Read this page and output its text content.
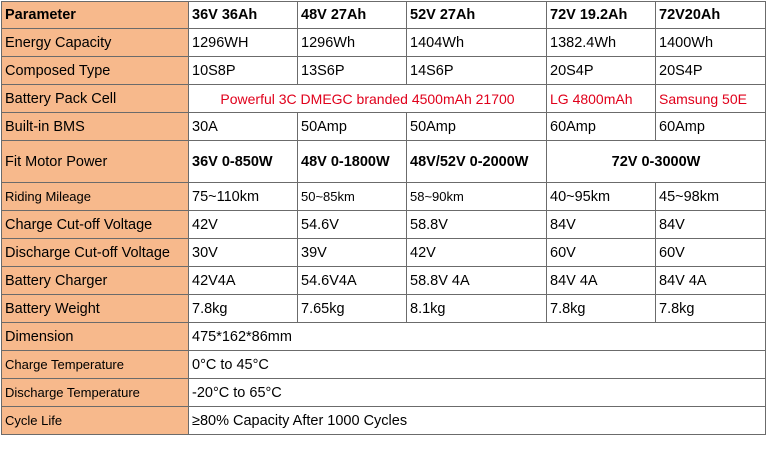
Parameter	36V 36Ah	48V 27Ah	52V 27Ah	72V 19.2Ah	72V20Ah
Energy Capacity	1296WH	1296Wh	1404Wh	1382.4Wh	1400Wh
Composed Type	10S8P	13S6P	14S6P	20S4P	20S4P
Battery Pack Cell	Powerful 3C DMEGC branded 4500mAh 21700			LG 4800mAh	Samsung 50E
Built-in BMS	30A	50Amp	50Amp	60Amp	60Amp
Fit Motor Power	36V 0-850W	48V 0-1800W	48V/52V 0-2000W	72V 0-3000W	
Riding Mileage	75~110km	50~85km	58~90km	40~95km	45~98km
Charge Cut-off Voltage	42V	54.6V	58.8V	84V	84V
Discharge Cut-off Voltage	30V	39V	42V	60V	60V
Battery Charger	42V4A	54.6V4A	58.8V 4A	84V 4A	84V 4A
Battery Weight	7.8kg	7.65kg	8.1kg	7.8kg	7.8kg
Dimension	475*162*86mm				
Charge Temperature	0°C to 45°C				
Discharge Temperature	-20°C to 65°C				
Cycle Life	≥80% Capacity After 1000 Cycles				
